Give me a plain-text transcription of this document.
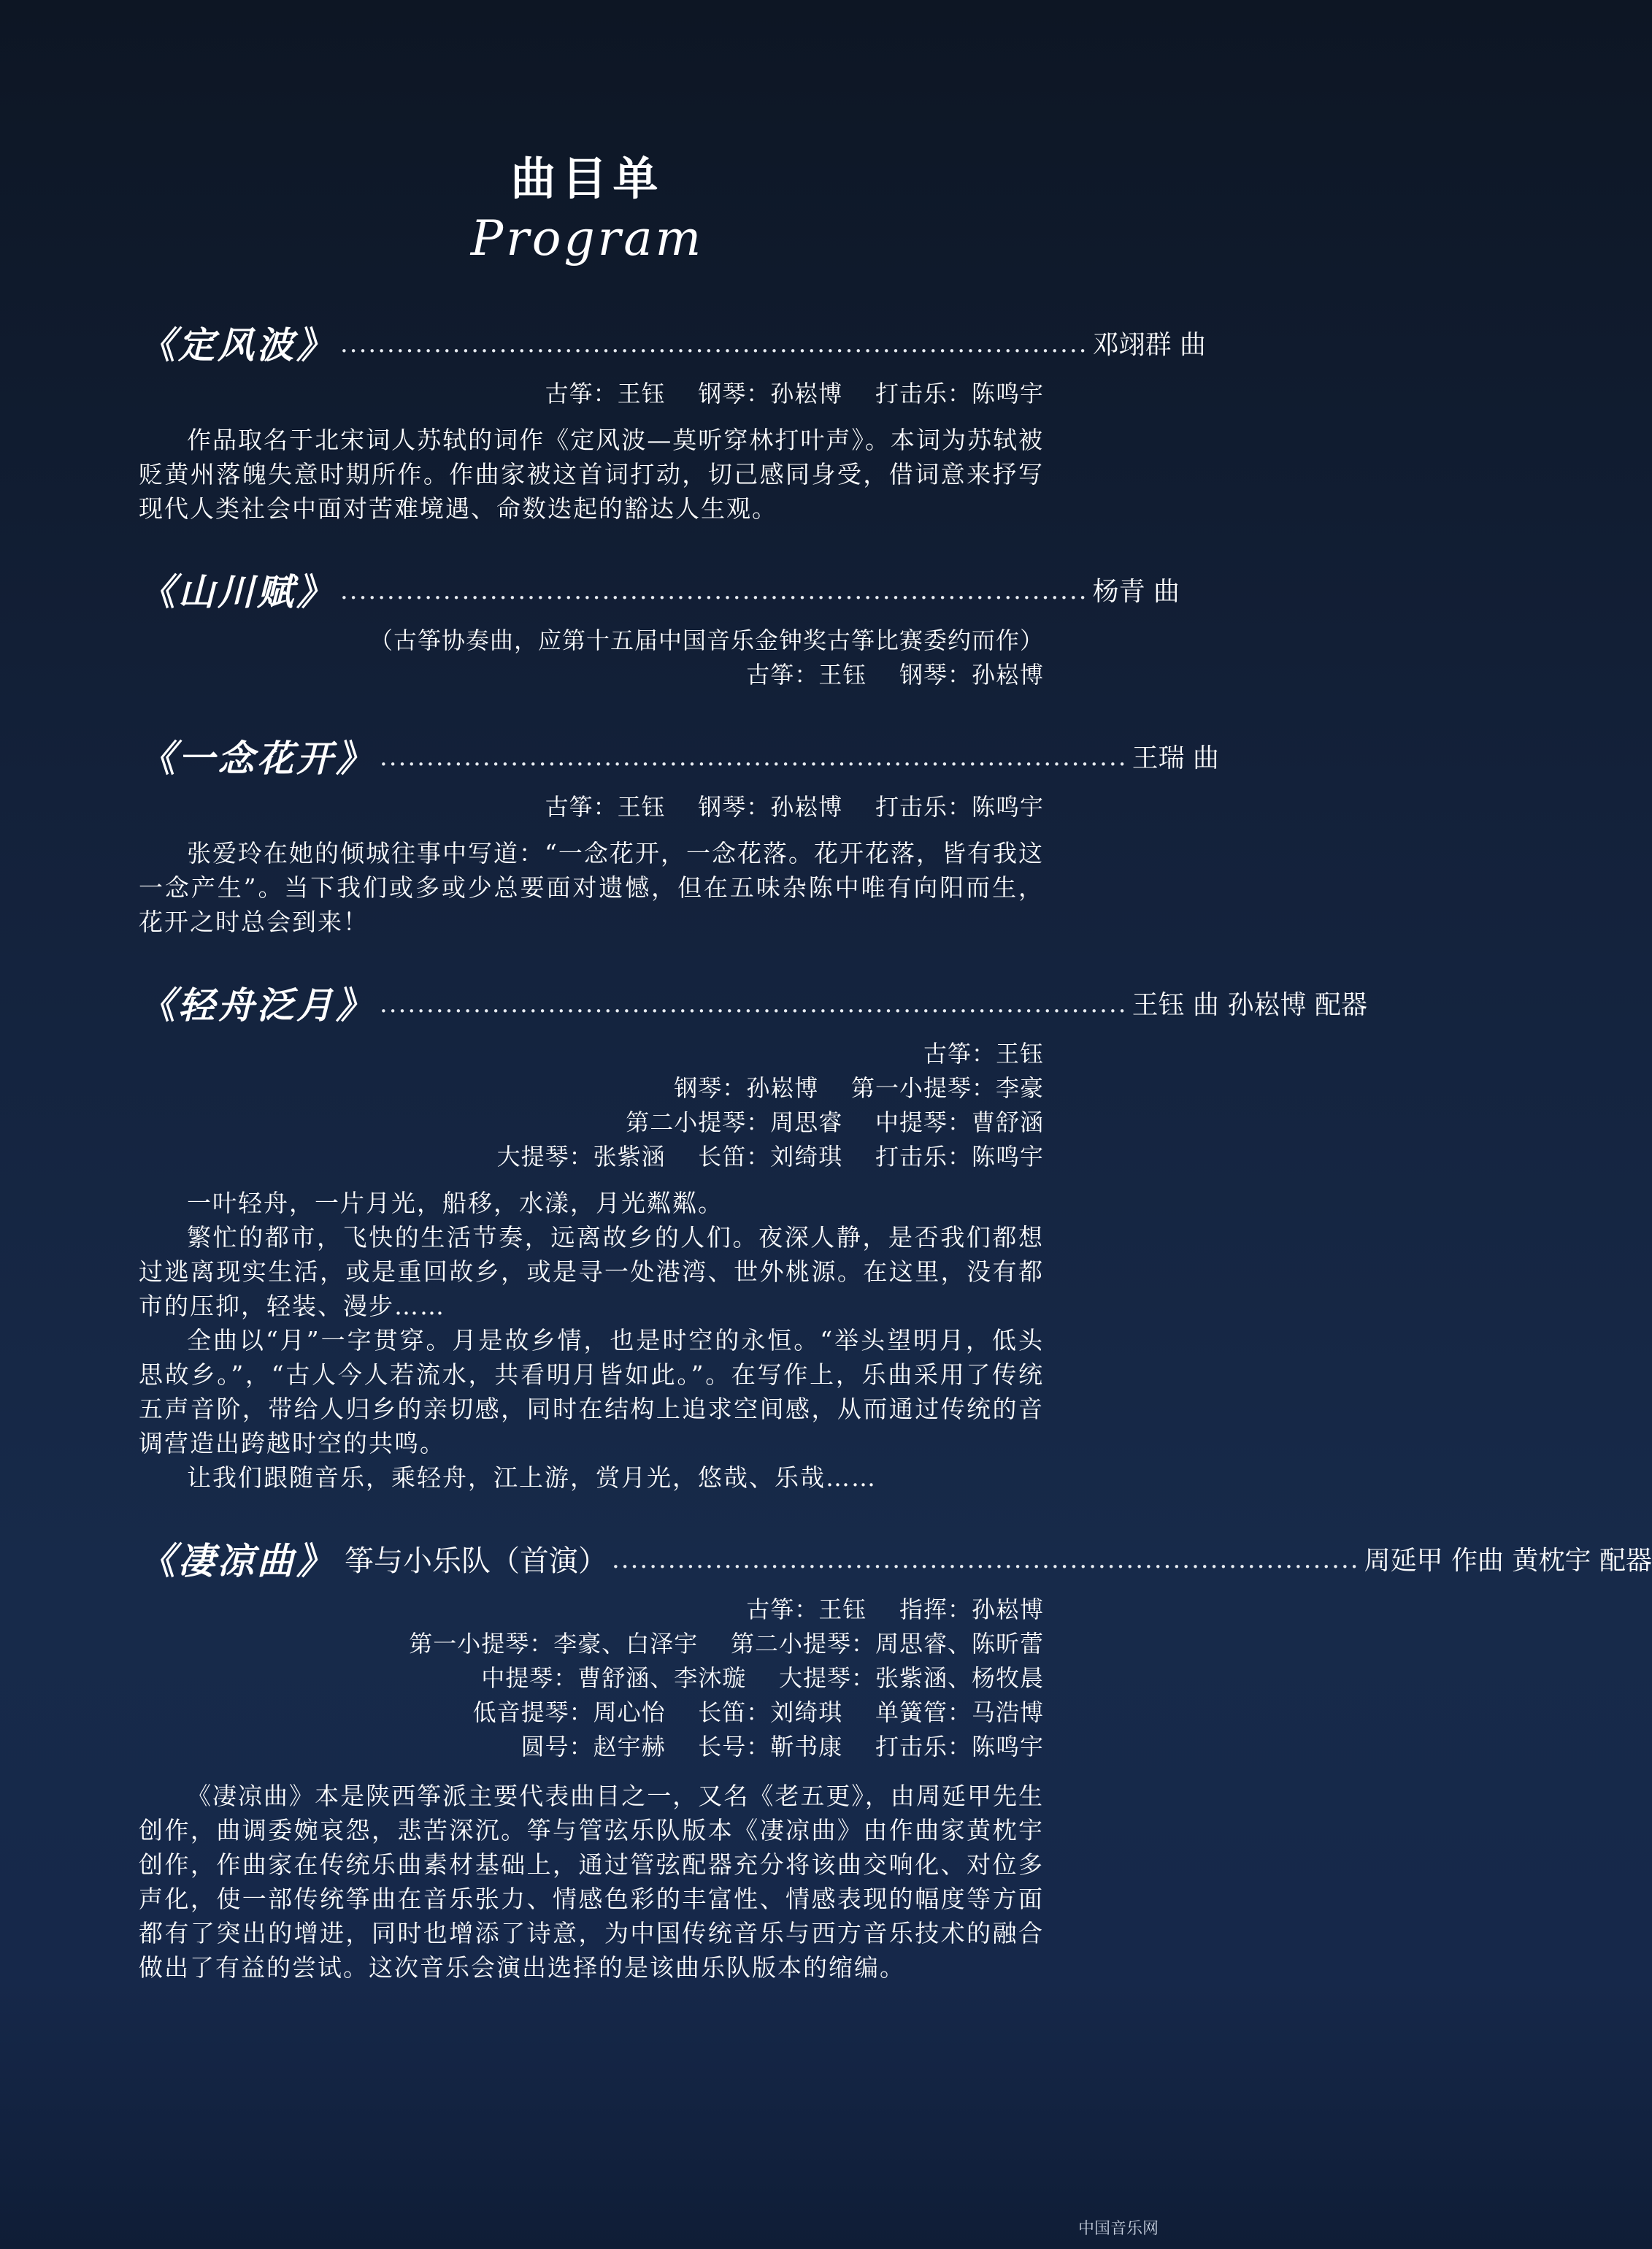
曲目单
Program
《定风波》 ················································································ 邓翊群 曲
古筝：王钰    钢琴：孙崧博    打击乐：陈鸣宇

作品取名于北宋词人苏轼的词作《定风波—莫听穿林打叶声》。本词为苏轼被贬黄州落魄失意时期所作。作曲家被这首词打动，切己感同身受，借词意来抒写现代人类社会中面对苦难境遇、命数迭起的豁达人生观。

《山川赋》 ················································································ 杨青 曲
（古筝协奏曲，应第十五届中国音乐金钟奖古筝比赛委约而作）
古筝：王钰    钢琴：孙崧博
《一念花开》 ················································································ 王瑞 曲
古筝：王钰    钢琴：孙崧博    打击乐：陈鸣宇

张爱玲在她的倾城往事中写道：“一念花开，一念花落。花开花落，皆有我这一念产生”。当下我们或多或少总要面对遗憾，但在五味杂陈中唯有向阳而生，花开之时总会到来！

《轻舟泛月》 ················································································ 王钰 曲 孙崧博 配器
古筝：王钰
钢琴：孙崧博    第一小提琴：李豪
第二小提琴：周思睿    中提琴：曹舒涵
大提琴：张紫涵    长笛：刘绮琪    打击乐：陈鸣宇

一叶轻舟，一片月光，船移，水漾，月光粼粼。

繁忙的都市，飞快的生活节奏，远离故乡的人们。夜深人静，是否我们都想过逃离现实生活，或是重回故乡，或是寻一处港湾、世外桃源。在这里，没有都市的压抑，轻装、漫步……

全曲以“月”一字贯穿。月是故乡情，也是时空的永恒。“举头望明月，低头思故乡。”，“古人今人若流水，共看明月皆如此。”。在写作上，乐曲采用了传统五声音阶，带给人归乡的亲切感，同时在结构上追求空间感，从而通过传统的音调营造出跨越时空的共鸣。

让我们跟随音乐，乘轻舟，江上游，赏月光，悠哉、乐哉……

《凄凉曲》 筝与小乐队（首演） ················································································ 周延甲 作曲 黄枕宇 配器
古筝：王钰    指挥：孙崧博
第一小提琴：李豪、白泽宇    第二小提琴：周思睿、陈昕蕾
中提琴：曹舒涵、李沐璇    大提琴：张紫涵、杨牧晨
低音提琴：周心怡    长笛：刘绮琪    单簧管：马浩博
圆号：赵宇赫    长号：靳书康    打击乐：陈鸣宇

《凄凉曲》本是陕西筝派主要代表曲目之一，又名《老五更》，由周延甲先生创作，曲调委婉哀怨，悲苦深沉。筝与管弦乐队版本《凄凉曲》由作曲家黄枕宇创作，作曲家在传统乐曲素材基础上，通过管弦配器充分将该曲交响化、对位多声化，使一部传统筝曲在音乐张力、情感色彩的丰富性、情感表现的幅度等方面都有了突出的增进，同时也增添了诗意，为中国传统音乐与西方音乐技术的融合做出了有益的尝试。这次音乐会演出选择的是该曲乐队版本的缩编。

中国音乐网
